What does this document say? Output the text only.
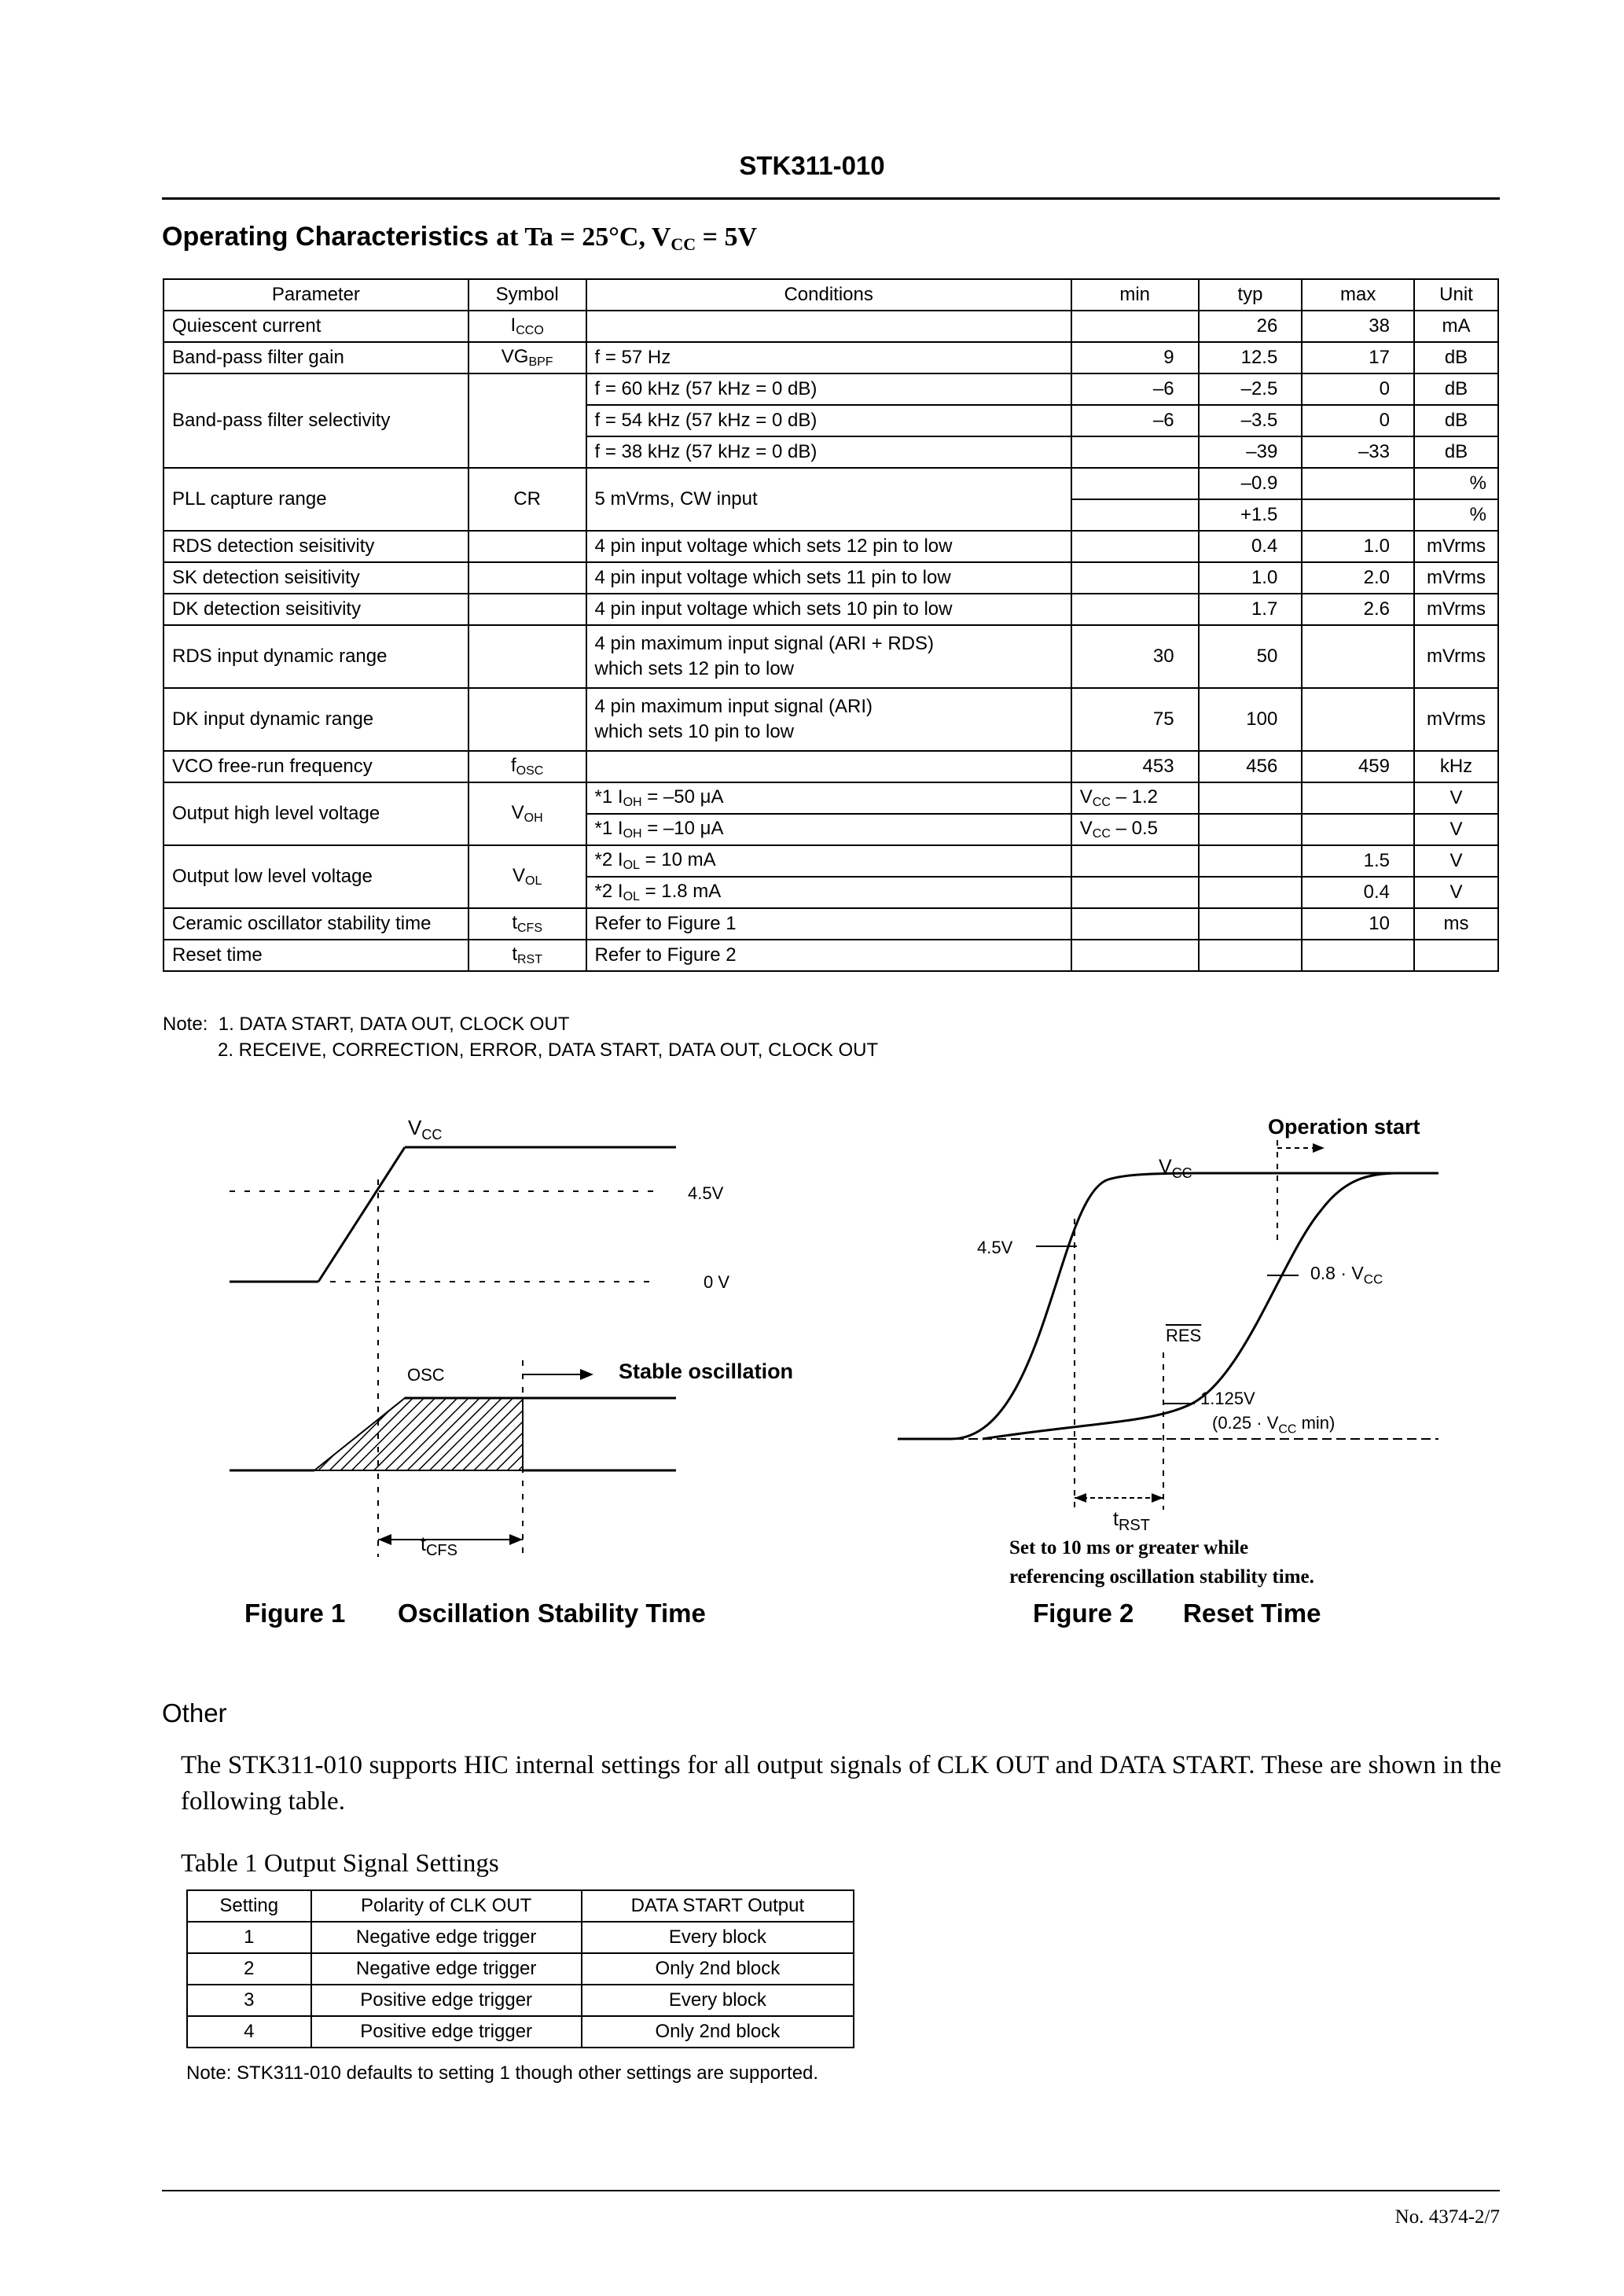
STK311-010
Operating Characteristics at Ta = 25°C, $V_{CC} = 5V$
Parameter	Symbol	Conditions	min	typ	max	Unit
Quiescent current	$I_{CCO}$			26	38	mA
Band-pass filter gain	$VG_{BPF}$	f = 57 Hz	9	12.5	17	dB
Band-pass filter selectivity		f = 60 kHz (57 kHz = 0 dB)	–6	–2.5	0	dB
		f = 54 kHz (57 kHz = 0 dB)	–6	–3.5	0	dB
		f = 38 kHz (57 kHz = 0 dB)		–39	–33	dB
PLL capture range	CR	5 mVrms, CW input		–0.9		%
				+1.5		%
RDS detection seisitivity		4 pin input voltage which sets 12 pin to low		0.4	1.0	mVrms
SK detection seisitivity		4 pin input voltage which sets 11 pin to low		1.0	2.0	mVrms
DK detection seisitivity		4 pin input voltage which sets 10 pin to low		1.7	2.6	mVrms
RDS input dynamic range		4 pin maximum input signal (ARI + RDS)
which sets 12 pin to low	30	50		mVrms
DK input dynamic range		4 pin maximum input signal (ARI)
which sets 10 pin to low	75	100		mVrms
VCO free-run frequency	$f_{OSC}$		453	456	459	kHz
Output high level voltage	$V_{OH}$	*1 $I_{OH} = -50$ μA	$V_{CC} - 1.2$			V
		*1 $I_{OH} = -10$ μA	$V_{CC} - 0.5$			V
Output low level voltage	$V_{OL}$	*2 $I_{OL} = 10$ mA			1.5	V
		*2 $I_{OL} = 1.8$ mA			0.4	V
Ceramic oscillator stability time	$t_{CFS}$	Refer to Figure 1			10	ms
Reset time	$t_{RST}$	Refer to Figure 2				
Note: 1. DATA START, DATA OUT, CLOCK OUT
2. RECEIVE, CORRECTION, ERROR, DATA START, DATA OUT, CLOCK OUT
$V_{CC}$
4.5V
0 V
OSC	Stable oscillation
$t_{CFS}$
Figure 1 Oscillation Stability Time
Operation start
$V_{CC}$
4.5V
$0.8 \cdot V_{CC}$
$\overline{RES}$
1.125V
($0.25 \cdot V_{CC}$ min)
$t_{RST}$
Set to 10 ms or greater while
referencing oscillation stability time.
Figure 2 Reset Time
Other
The STK311-010 supports HIC internal settings for all output signals of CLK OUT and DATA START. These are shown in the following table.
Table 1 Output Signal Settings
Setting	Polarity of CLK OUT	DATA START Output
1	Negative edge trigger	Every block
2	Negative edge trigger	Only 2nd block
3	Positive edge trigger	Every block
4	Positive edge trigger	Only 2nd block
Note: STK311-010 defaults to setting 1 though other settings are supported.
No. 4374-2/7
